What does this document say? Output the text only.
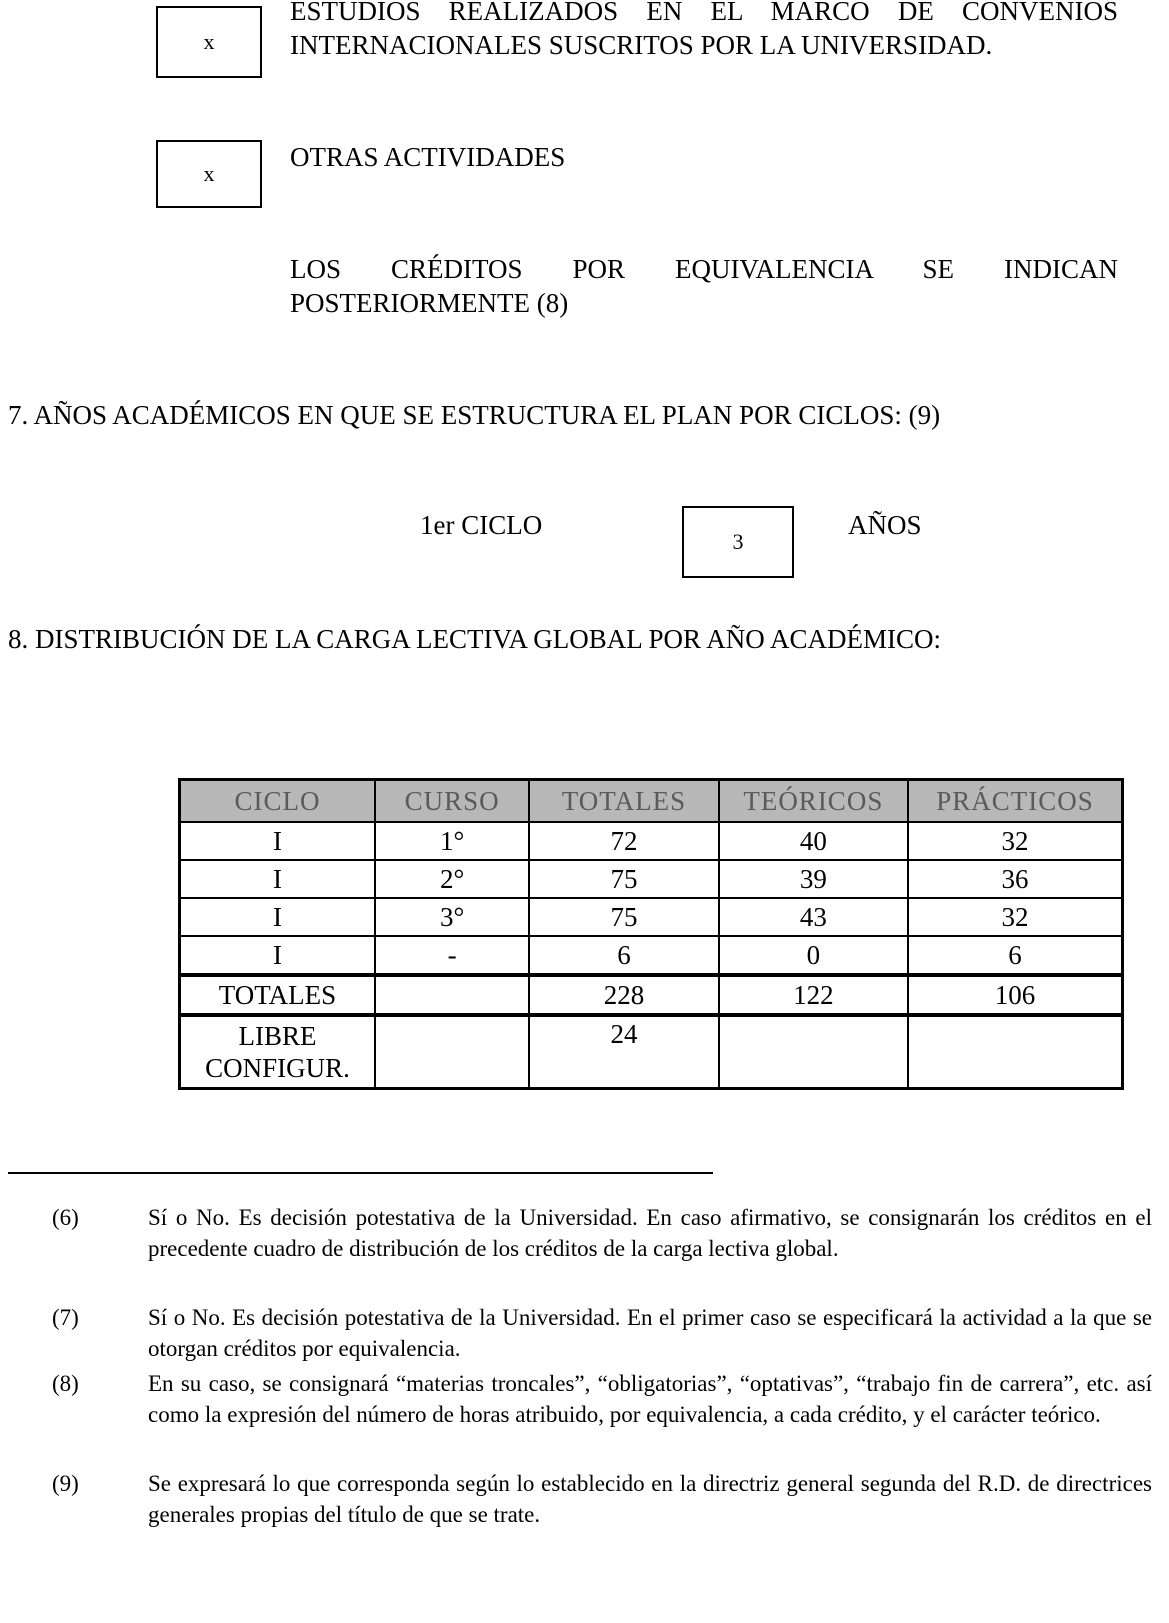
x
ESTUDIOS REALIZADOS EN EL MARCO DE CONVENIOS INTERNACIONALES SUSCRITOS POR LA UNIVERSIDAD.
x
OTRAS ACTIVIDADES
LOS CRÉDITOS POR EQUIVALENCIA SE INDICAN POSTERIORMENTE (8)
7. AÑOS ACADÉMICOS EN QUE SE ESTRUCTURA EL PLAN POR CICLOS: (9)
1er CICLO
3
AÑOS
8. DISTRIBUCIÓN DE LA CARGA LECTIVA GLOBAL POR AÑO ACADÉMICO:
CICLO	CURSO	TOTALES	TEÓRICOS	PRÁCTICOS
I	1°	72	40	32
I	2°	75	39	36
I	3°	75	43	32
I	-	6	0	6
TOTALES		228	122	106
LIBRE CONFIGUR.		24		
(6)	Sí o No. Es decisión potestativa de la Universidad. En caso afirmativo, se consignarán los créditos en el precedente cuadro de distribución de los créditos de la carga lectiva global.
(7)	Sí o No. Es decisión potestativa de la Universidad. En el primer caso se especificará la actividad a la que se otorgan créditos por equivalencia.
(8)	En su caso, se consignará “materias troncales”, “obligatorias”, “optativas”, “trabajo fin de carrera”, etc. así como la expresión del número de horas atribuido, por equivalencia, a cada crédito, y el carácter teórico.
(9)	Se expresará lo que corresponda según lo establecido en la directriz general segunda del R.D. de directrices generales propias del título de que se trate.
